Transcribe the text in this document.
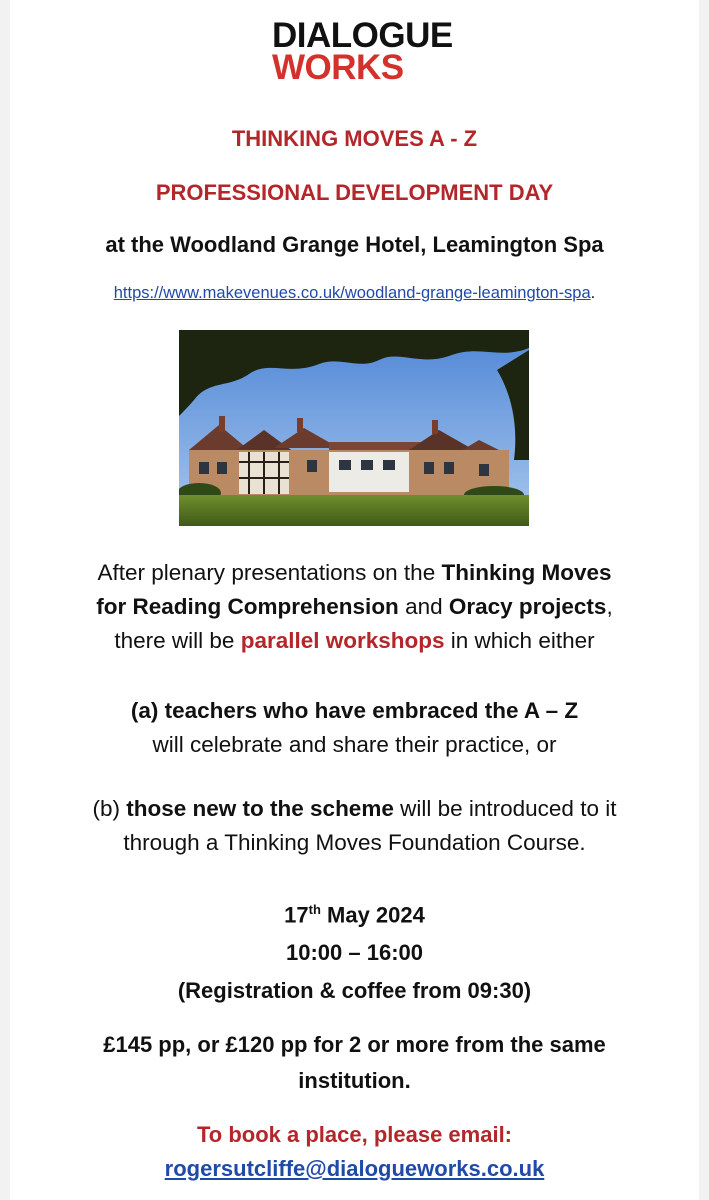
DIALOGUE
WORKS
THINKING MOVES A - Z
PROFESSIONAL DEVELOPMENT DAY
at the Woodland Grange Hotel, Leamington Spa
https://www.makevenues.co.uk/woodland-grange-leamington-spa.
After plenary presentations on the Thinking Moves
for Reading Comprehension and Oracy projects,
there will be parallel workshops in which either
(a) teachers who have embraced the A – Z
will celebrate and share their practice, or
(b) those new to the scheme will be introduced to it
through a Thinking Moves Foundation Course.
17th May 2024
10:00 – 16:00
(Registration & coffee from 09:30)
£145 pp, or £120 pp for 2 or more from the same
institution.
To book a place, please email:
rogersutcliffe@dialogueworks.co.uk
